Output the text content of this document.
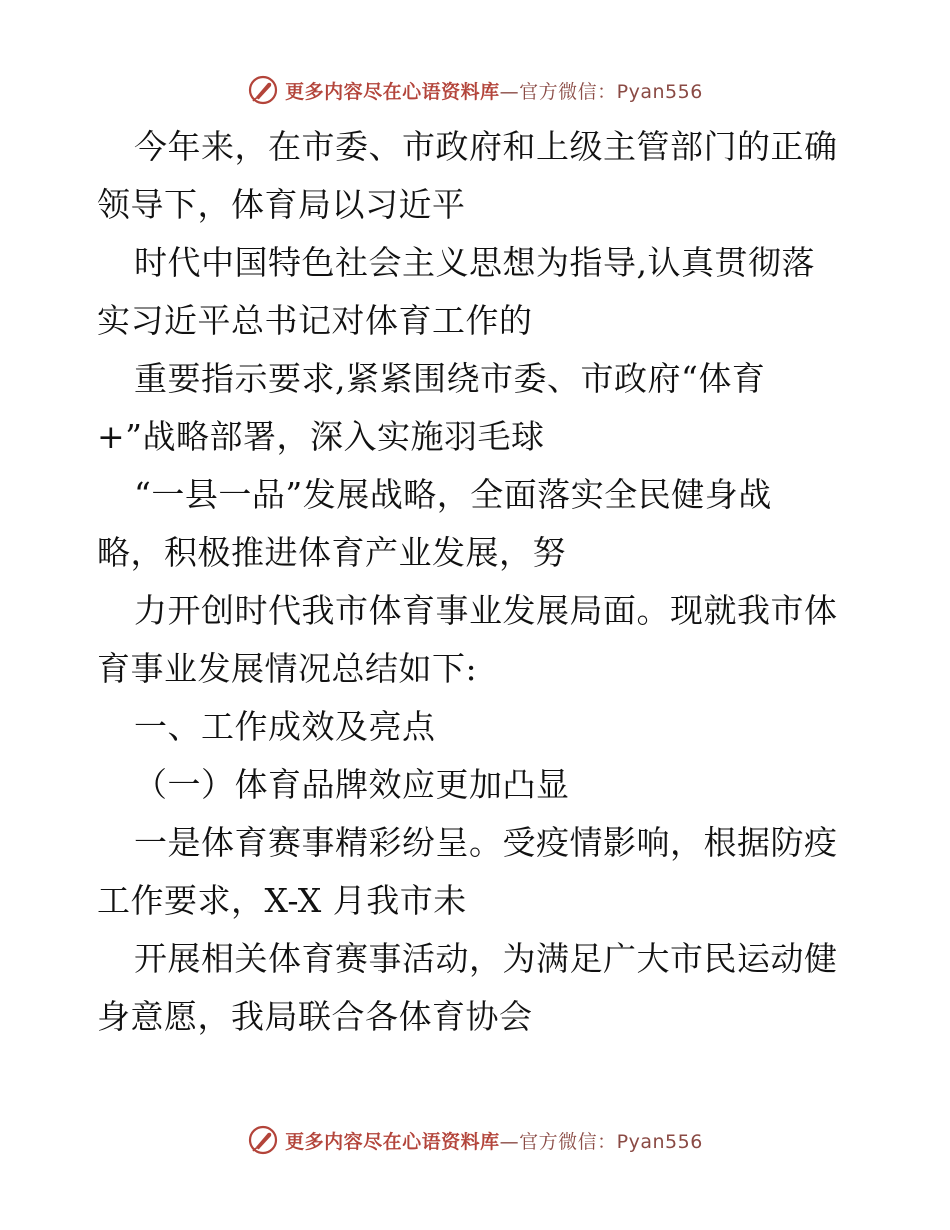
更多内容尽在心语资料库 —官方微信：Pyan556
今年来，在市委、市政府和上级主管部门的正确
领导下，体育局以习近平
时代中国特色社会主义思想为指导,认真贯彻落
实习近平总书记对体育工作的
重要指示要求,紧紧围绕市委、市政府“体育
+”战略部署，深入实施羽毛球
“一县一品”发展战略，全面落实全民健身战
略，积极推进体育产业发展，努
力开创时代我市体育事业发展局面。现就我市体
育事业发展情况总结如下:
一、工作成效及亮点
（一）体育品牌效应更加凸显
一是体育赛事精彩纷呈。受疫情影响，根据防疫
工作要求，X-X 月我市未
开展相关体育赛事活动，为满足广大市民运动健
身意愿，我局联合各体育协会
更多内容尽在心语资料库 —官方微信：Pyan556
